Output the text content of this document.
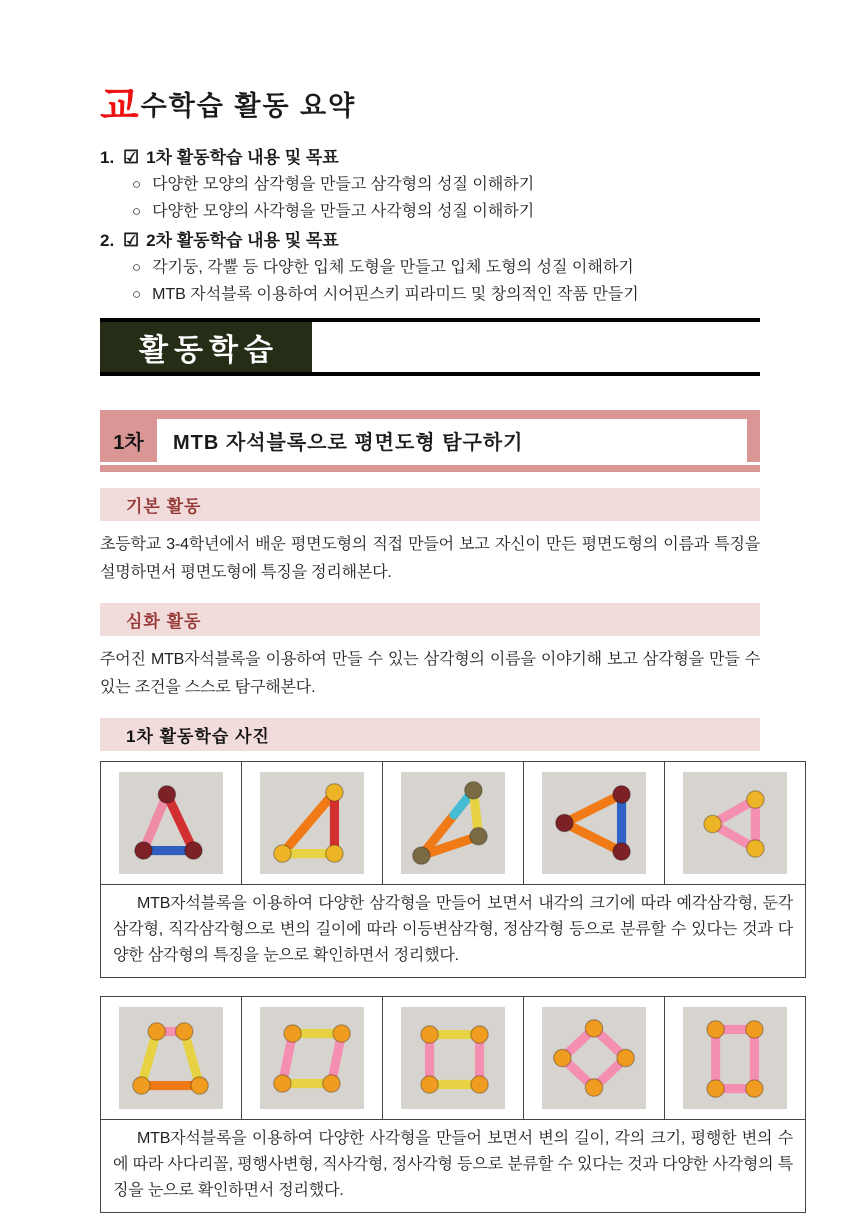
교수학습 활동 요약
1. ☑ 1차 활동학습 내용 및 목표
○ 다양한 모양의 삼각형을 만들고 삼각형의 성질 이해하기
○ 다양한 모양의 사각형을 만들고 사각형의 성질 이해하기
2. ☑ 2차 활동학습 내용 및 목표
○ 각기둥, 각뿔 등 다양한 입체 도형을 만들고 입체 도형의 성질 이해하기
○ MTB 자석블록 이용하여 시어핀스키 피라미드 및 창의적인 작품 만들기
활동학습
1차	MTB 자석블록으로 평면도형 탐구하기
기본 활동

초등학교 3-4학년에서 배운 평면도형의 직접 만들어 보고 자신이 만든 평면도형의 이름과 특징을 설명하면서 평면도형에 특징을 정리해본다.

심화 활동

주어진 MTB자석블록을 이용하여 만들 수 있는 삼각형의 이름을 이야기해 보고 삼각형을 만들 수 있는 조건을 스스로 탐구해본다.

1차 활동학습 사진

MTB자석블록을 이용하여 다양한 삼각형을 만들어 보면서 내각의 크기에 따라 예각삼각형, 둔각삼각형, 직각삼각형으로 변의 길이에 따라 이등변삼각형, 정삼각형 등으로 분류할 수 있다는 것과 다양한 삼각형의 특징을 눈으로 확인하면서 정리했다.

MTB자석블록을 이용하여 다양한 사각형을 만들어 보면서 변의 길이, 각의 크기, 평행한 변의 수에 따라 사다리꼴, 평행사변형, 직사각형, 정사각형 등으로 분류할 수 있다는 것과 다양한 사각형의 특징을 눈으로 확인하면서 정리했다.
